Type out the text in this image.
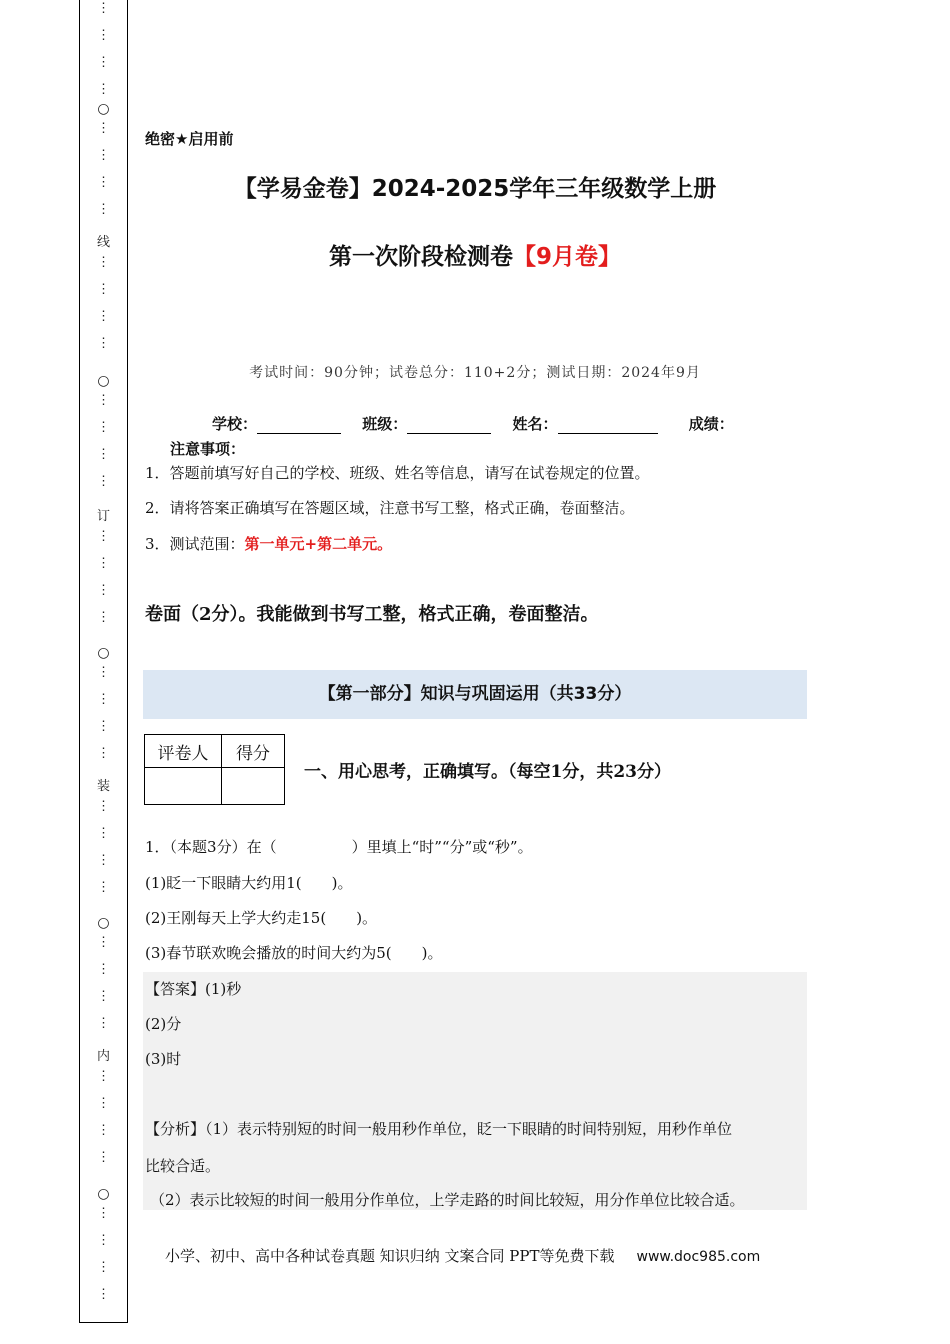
⋮
⋮
⋮
⋮
○
⋮
⋮
⋮
⋮
线
⋮
⋮
⋮
⋮
○
⋮
⋮
⋮
⋮
订
⋮
⋮
⋮
⋮
○
⋮
⋮
⋮
⋮
装
⋮
⋮
⋮
⋮
○
⋮
⋮
⋮
⋮
内
⋮
⋮
⋮
⋮
○
⋮
⋮
⋮
⋮
绝密★启用前
【学易金卷】2024-2025学年三年级数学上册
第一次阶段检测卷【9月卷】
考试时间：90分钟；试卷总分：110+2分；测试日期：2024年9月
学校：	班级：	姓名：	成绩：
注意事项：
1．答题前填写好自己的学校、班级、姓名等信息，请写在试卷规定的位置。
2．请将答案正确填写在答题区域，注意书写工整，格式正确，卷面整洁。
3．测试范围：第一单元+第二单元。
卷面（2分）。我能做到书写工整，格式正确，卷面整洁。
【第一部分】知识与巩固运用（共33分）
评卷人	得分

一、用心思考，正确填写。（每空1分，共23分）
1．（本题3分）在（　　　　　）里填上“时”“分”或“秒”。
(1)眨一下眼睛大约用1(　　)。
(2)王刚每天上学大约走15(　　)。
(3)春节联欢晚会播放的时间大约为5(　　)。
【答案】(1)秒
(2)分
(3)时
【分析】（1）表示特别短的时间一般用秒作单位，眨一下眼睛的时间特别短，用秒作单位
比较合适。
（2）表示比较短的时间一般用分作单位，上学走路的时间比较短，用分作单位比较合适。
小学、初中、高中各种试卷真题 知识归纳 文案合同 PPT等免费下载 www.doc985.com
